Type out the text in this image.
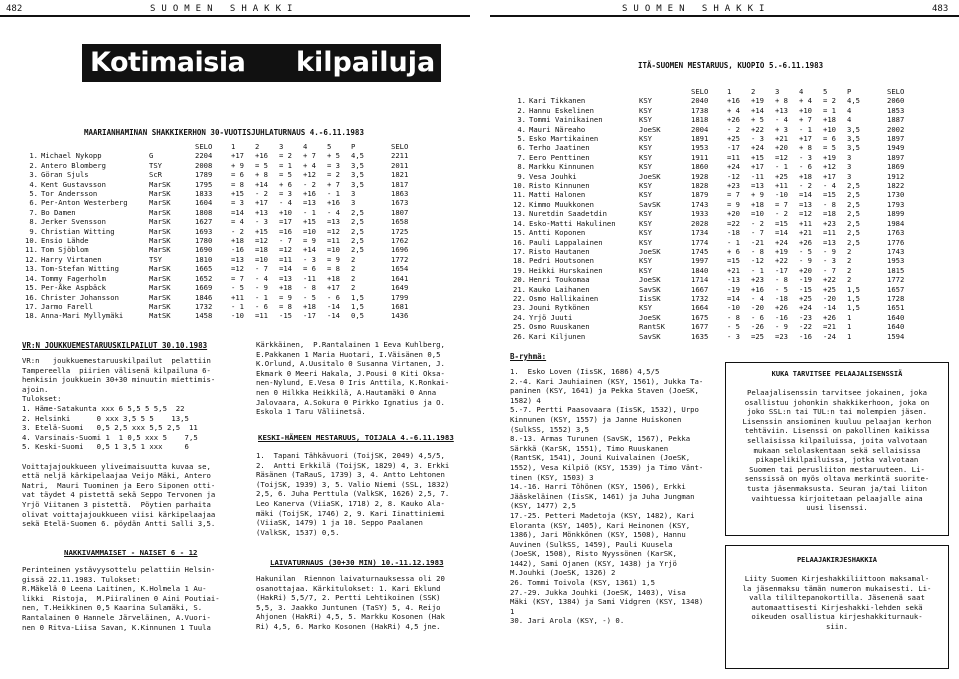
482	SUOMEN SHAKKI
Kotimaisia	kilpailuja
MAARIANHAMINAN SHAKKIKERHON 30-VUOTISJUHLATURNAUS 4.-6.11.1983
			SELO	1	2	3	4	5	P	SELO
1.	Michael Nykopp	G	2204	+17	+16	= 2	+ 7	+ 5	4,5	2211
2.	Antero Blomberg	TSY	2008	+ 9	= 5	= 1	+ 4	= 3	3,5	2011
3.	Göran Sjuls	ScR	1789	= 6	+ 8	= 5	+12	= 2	3,5	1821
4.	Kent Gustavsson	MarSK	1795	= 8	+14	+ 6	- 2	+ 7	3,5	1817
5.	Tor Andersson	MarSK	1833	+15	- 2	= 3	+16	- 1	3	1863
6.	Per-Anton Westerberg	MarSK	1604	= 3	+17	- 4	=13	+16	3	1673
7.	Bo Damen	MarSK	1808	=14	+13	+10	- 1	- 4	2,5	1807
8.	Jerker Svensson	MarSK	1627	= 4	- 3	=17	+15	=13	2,5	1658
9.	Christian Witting	MarSK	1693	- 2	+15	=16	=10	=12	2,5	1725
10.	Ensio Lähde	MarSK	1780	+18	=12	- 7	= 9	=11	2,5	1762
11.	Tom Sjöblom	MarSK	1690	-16	=18	=12	+14	=10	2,5	1696
12.	Harry Virtanen	TSY	1810	=13	=10	=11	- 3	= 9	2	1772
13.	Tom-Stefan Witting	MarSK	1665	=12	- 7	=14	= 6	= 8	2	1654
14.	Tommy Fagerholm	MarSK	1652	= 7	- 4	=13	-11	+18	2	1641
15.	Per-Åke Aspbäck	MarSK	1669	- 5	- 9	+18	- 8	+17	2	1649
16.	Christer Johansson	MarSK	1846	+11	- 1	= 9	- 5	- 6	1,5	1799
17.	Jarmo Farell	MarSK	1732	- 1	- 6	= 8	+18	-14	1,5	1681
18.	Anna-Mari Myllymäki	MatSK	1458	-10	=11	-15	-17	-14	0,5	1436
VR:N JOUKKUEMESTARUUSKILPAILUT 30.10.1983
VR:n   joukkuemestaruuskilpailut  pelattiin
Tampereella  piirien välisenä kilpailuna 6-
henkisin joukkuein 30+30 minuutin miettimis-
ajoin.
Tulokset:
1. Häme-Satakunta xxx 6 5,5 5 5,5  22
2. Helsinki      0 xxx 3,5 5 5    13,5
3. Etelä-Suomi   0,5 2,5 xxx 5,5 2,5  11
4. Varsinais-Suomi 1  1 0,5 xxx 5    7,5
5. Keski-Suomi   0,5 1 3,5 1 xxx     6

Voittajajoukkueen yliveimaisuutta kuvaa se,
että neljä kärkipelaajaa Veijo Mäki, Antero
Natri,  Mauri Tuominen ja Eero Siponen otti-
vat täydet 4 pistettä sekä Seppo Tervonen ja
Yrjö Viitanen 3 pistettä.  Pöytien parhaita
olivat voittajajoukkueen viisi kärkipelaajaa
sekä Etelä-Suomen 6. pöydän Antti Salli 3,5.
NAKKIVAMMAISET - NAISET 6 - 12
Perinteinen ystävyysottelu pelattiin Helsin-
gissä 22.11.1983. Tulokset:
R.Mäkelä 0 Leena Laitinen, K.Holmela 1 Au-
likki  Ristoja,  M.Piiralinen 0 Aini Poutiai-
nen, T.Heikkinen 0,5 Kaarina Sulamäki, S.
Rantalainen 0 Hannele Järveläinen, A.Vuori-
nen 0 Ritva-Liisa Savan, K.Kinnunen 1 Tuula
Kärkkäinen,  P.Rantalainen 1 Eeva Kuhlberg,
E.Pakkanen 1 Maria Huotari, I.Väisänen 0,5
K.Orlund, A.Uusitalo 0 Susanna Virtanen, J.
Ekmark 0 Meeri Hakala, J.Pousi 0 Kiti Oksa-
nen-Nylund, E.Vesa 0 Iris Anttila, K.Ronkai-
nen 0 Hilkka Heikkilä, A.Hautamäki 0 Anna
Jalovaara, A.Sokura 0 Pirkko Ignatius ja O.
Eskola 1 Taru Väliinetsä.
KESKI-HÄMEEN MESTARUUS, TOIJALA 4.-6.11.1983
1.  Tapani Tähkävuori (ToijSK, 2049) 4,5/5,
2.  Antti Erkkilä (ToijSK, 1829) 4, 3. Erkki
Räsänen (TaRauS, 1739) 3, 4. Antto Lehtonen
(ToijSK, 1939) 3, 5. Valio Niemi (SSL, 1832)
2,5, 6. Juha Perttula (ValkSK, 1626) 2,5, 7.
Leo Kanerva (ViiaSK, 1718) 2, 8. Kauko Ala-
mäki (ToijSK, 1746) 2, 9. Kari Iinattiniemi
(ViiaSK, 1479) 1 ja 10. Seppo Paalanen
(ValkSK, 1537) 0,5.
LAIVATURNAUS (30+30 MIN) 10.-11.12.1983
Hakunilan  Riennon laivaturnauksessa oli 20
osanottajaa. Kärkitulokset: 1. Kari Eklund
(HakRi) 5,5/7, 2. Pertti Lehtikoinen (SSK)
5,5, 3. Jaakko Juntunen (TaSY) 5, 4. Reijo
Ahjonen (HakRi) 4,5, 5. Markku Kosonen (Hak
Ri) 4,5, 6. Marko Kosonen (HakRi) 4,5 jne.
SUOMEN SHAKKI	483
ITÄ-SUOMEN MESTARUUS, KUOPIO 5.-6.11.1983
			SELO	1	2	3	4	5	P	SELO
1.	Kari Tikkanen	KSY	2040	+16	+19	+ 8	+ 4	= 2	4,5	2060
2.	Hannu Eskelinen	KSY	1738	+ 4	+14	+13	+10	= 1	4	1853
3.	Tommi Vainikainen	KSY	1818	+26	+ 5	- 4	+ 7	+18	4	1887
4.	Mauri Näreaho	JoeSK	2004	- 2	+22	+ 3	- 1	+10	3,5	2002
5.	Esko Martikainen	KSY	1891	+25	- 3	+21	+17	= 6	3,5	1897
6.	Terho Jaatinen	KSY	1953	-17	+24	+20	+ 8	= 5	3,5	1949
7.	Eero Penttinen	KSY	1911	=11	+15	=12	- 3	+19	3	1897
8.	Markku Kinnunen	KSY	1860	+24	+17	- 1	- 6	+12	3	1869
9.	Vesa Jouhki	JoeSK	1928	-12	-11	+25	+18	+17	3	1912
10.	Risto Kinnunen	KSY	1828	+23	=13	+11	- 2	- 4	2,5	1822
11.	Matti Halonen	KSY	1879	= 7	+ 9	-10	=14	=15	2,5	1730
12.	Kimmo Muukkonen	SavSK	1743	= 9	+18	= 7	=13	- 8	2,5	1793
13.	Nuretdin Saadetdin	KSY	1933	+20	=10	- 2	=12	=18	2,5	1899
14.	Esko-Matti Hakulinen	KSY	2028	=22	- 2	=15	+11	+23	2,5	1984
15.	Antti Koponen	KSY	1734	-18	- 7	=14	+21	=11	2,5	1763
16.	Pauli Lappalainen	KSY	1774	- 1	-21	+24	+26	=13	2,5	1776
17.	Risto Hautanen	JoeSK	1745	+ 6	- 8	+19	- 5	- 9	2	1743
18.	Pedri Houtsonen	KSY	1997	=15	-12	+22	- 9	- 3	2	1953
19.	Heikki Hurskainen	KSY	1840	+21	- 1	-17	+20	- 7	2	1815
20.	Henri Toukomaa	JoeSK	1714	-13	+23	- 8	-19	+22	2	1772
21.	Kauko Laihanen	SavSK	1667	-19	+16	- 5	-15	+25	1,5	1657
22.	Osmo Hallikainen	IisSK	1732	=14	- 4	-18	+25	-20	1,5	1728
23.	Jouni Rytkönen	KSY	1664	-10	-20	+26	+24	-14	1,5	1651
24.	Yrjö Juuti	JoeSK	1675	- 8	- 6	-16	-23	+26	1	1640
25.	Osmo Ruuskanen	RantSK	1677	- 5	-26	- 9	-22	=21	1	1640
26.	Kari Kiljunen	SavSK	1635	- 3	=25	=23	-16	-24	1	1594
B-ryhmä:
1.  Esko Loven (IisSK, 1686) 4,5/5
2.-4. Kari Jauhiainen (KSY, 1561), Jukka Ta-
paninen (KSY, 1641) ja Pekka Staven (JoeSK,
1582) 4
5.-7. Pertti Paasovaara (IisSK, 1532), Urpo
Kinnunen (KSY, 1557) ja Janne Huiskonen
(SulkSS, 1552) 3,5
8.-13. Armas Turunen (SavSK, 1567), Pekka
Särkkä (KarSK, 1551), Timo Ruuskanen
(RantSK, 1541), Jouni Kuivalainen (JoeSK,
1552), Vesa Kilpiö (KSY, 1539) ja Timo Vänt-
tinen (KSY, 1503) 3
14.-16. Harri Töhönen (KSY, 1506), Erkki
Jääskeläinen (IisSK, 1461) ja Juha Jungman
(KSY, 1477) 2,5
17.-25. Petteri Madetoja (KSY, 1482), Kari
Eloranta (KSY, 1405), Kari Heinonen (KSY,
1386), Jari Mönkkönen (KSY, 1508), Hannu
Auvinen (SulkSS, 1459), Pauli Kuusela
(JoeSK, 1508), Risto Nyyssönen (KarSK,
1442), Sami Ojanen (KSY, 1438) ja Yrjö
M.Jouhki (JoeSK, 1326) 2
26. Tommi Toivola (KSY, 1361) 1,5
27.-29. Jukka Jouhki (JoeSK, 1403), Visa
Mäki (KSY, 1384) ja Sami Vidgren (KSY, 1348)
1
30. Jari Arola (KSY, -) 0.
KUKA TARVITSEE PELAAJALISENSSIÄ
Pelaajalisenssin tarvitsee jokainen, joka
osallistuu johonkin shakkikerhoon, joka on
joko SSL:n tai TUL:n tai molempien jäsen.
Lisenssin ansiominen kuuluu pelaajan kerhon
tehtäviin. Lisenssi on pakollinen kaikissa
sellaisissa kilpailuissa, joita valvotaan
mukaan selolaskentaan sekä sellaisissa
pikapelikilpailuissa, jotka valvotaan
Suomen tai perusliiton mestaruuteen. Li-
senssissä on myös oltava merkintä suorite-
tusta jäsenmaksusta. Seuran ja/tai liiton
vaihtuessa kirjoitetaan pelaajalle aina
uusi lisenssi.
PELAAJAKIRJESHAKKIA
Liity Suomen Kirjeshakkiliittoon maksamal-
la jäsenmaksu tämän numeron mukaisesti. Li-
valla tililtepanokortilla. Jäsenenä saat
automaattisesti Kirjeshakki-lehden sekä
oikeuden osallistua kirjeshakkiturnauk-
siin.
